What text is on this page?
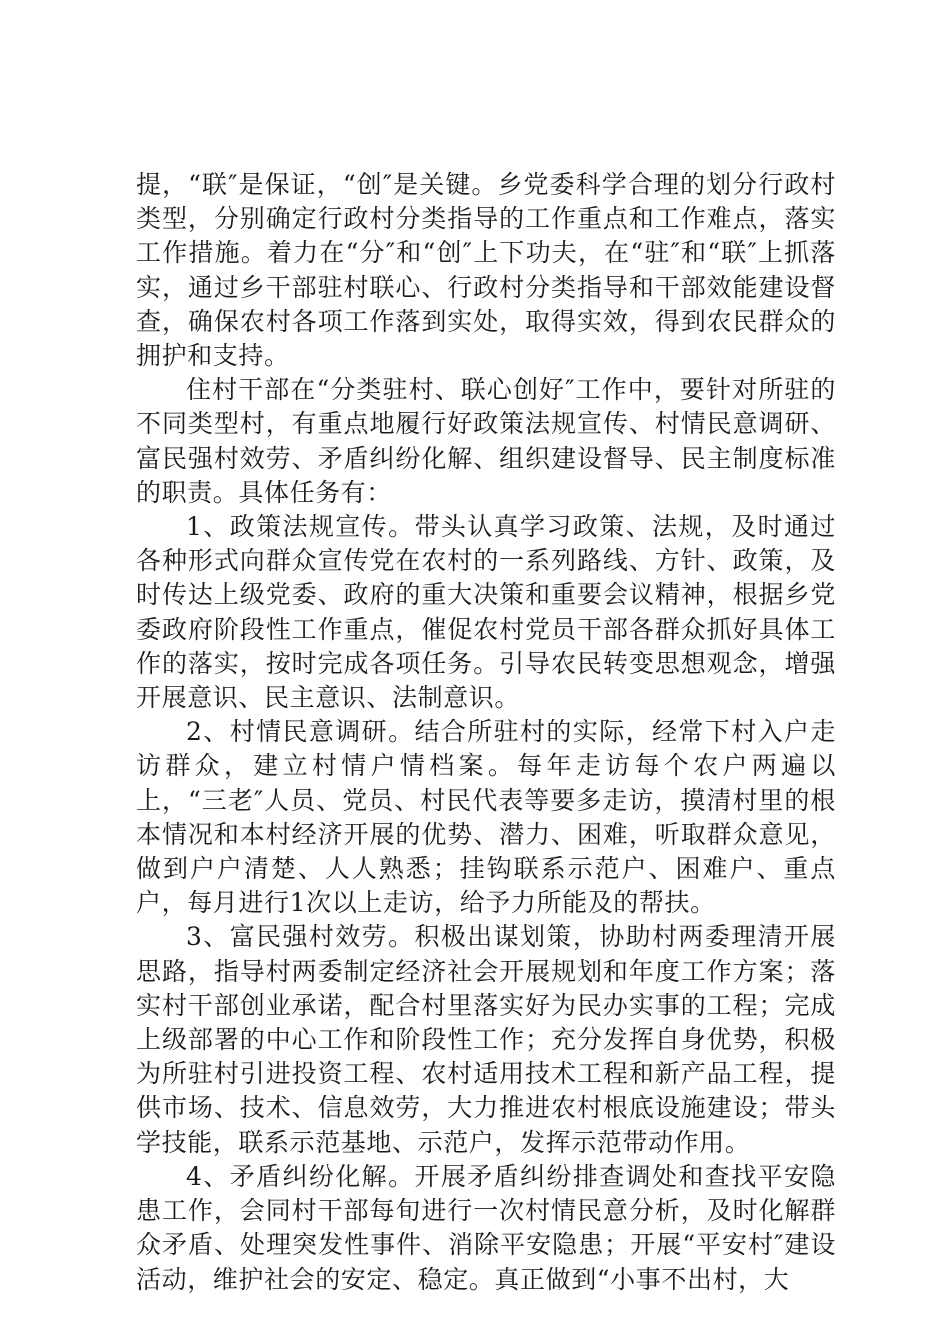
提，“联″是保证，“创″是关键。乡党委科学合理的划分行政村类型，分别确定行政村分类指导的工作重点和工作难点，落实工作措施。着力在“分″和“创″上下功夫，在“驻″和“联″上抓落实，通过乡干部驻村联心、行政村分类指导和干部效能建设督查，确保农村各项工作落到实处，取得实效，得到农民群众的拥护和支持。

住村干部在“分类驻村、联心创好″工作中，要针对所驻的不同类型村，有重点地履行好政策法规宣传、村情民意调研、富民强村效劳、矛盾纠纷化解、组织建设督导、民主制度标准的职责。具体任务有：

1、政策法规宣传。带头认真学习政策、法规，及时通过各种形式向群众宣传党在农村的一系列路线、方针、政策，及时传达上级党委、政府的重大决策和重要会议精神，根据乡党委政府阶段性工作重点，催促农村党员干部各群众抓好具体工作的落实，按时完成各项任务。引导农民转变思想观念，增强开展意识、民主意识、法制意识。

2、村情民意调研。结合所驻村的实际，经常下村入户走访群众，建立村情户情档案。每年走访每个农户两遍以上，“三老″人员、党员、村民代表等要多走访，摸清村里的根本情况和本村经济开展的优势、潜力、困难，听取群众意见，做到户户清楚、人人熟悉；挂钩联系示范户、困难户、重点户，每月进行1次以上走访，给予力所能及的帮扶。

3、富民强村效劳。积极出谋划策，协助村两委理清开展思路，指导村两委制定经济社会开展规划和年度工作方案；落实村干部创业承诺，配合村里落实好为民办实事的工程；完成上级部署的中心工作和阶段性工作；充分发挥自身优势，积极为所驻村引进投资工程、农村适用技术工程和新产品工程，提供市场、技术、信息效劳，大力推进农村根底设施建设；带头学技能，联系示范基地、示范户，发挥示范带动作用。

4、矛盾纠纷化解。开展矛盾纠纷排查调处和查找平安隐患工作，会同村干部每旬进行一次村情民意分析，及时化解群众矛盾、处理突发性事件、消除平安隐患；开展“平安村″建设活动，维护社会的安定、稳定。真正做到“小事不出村，大
